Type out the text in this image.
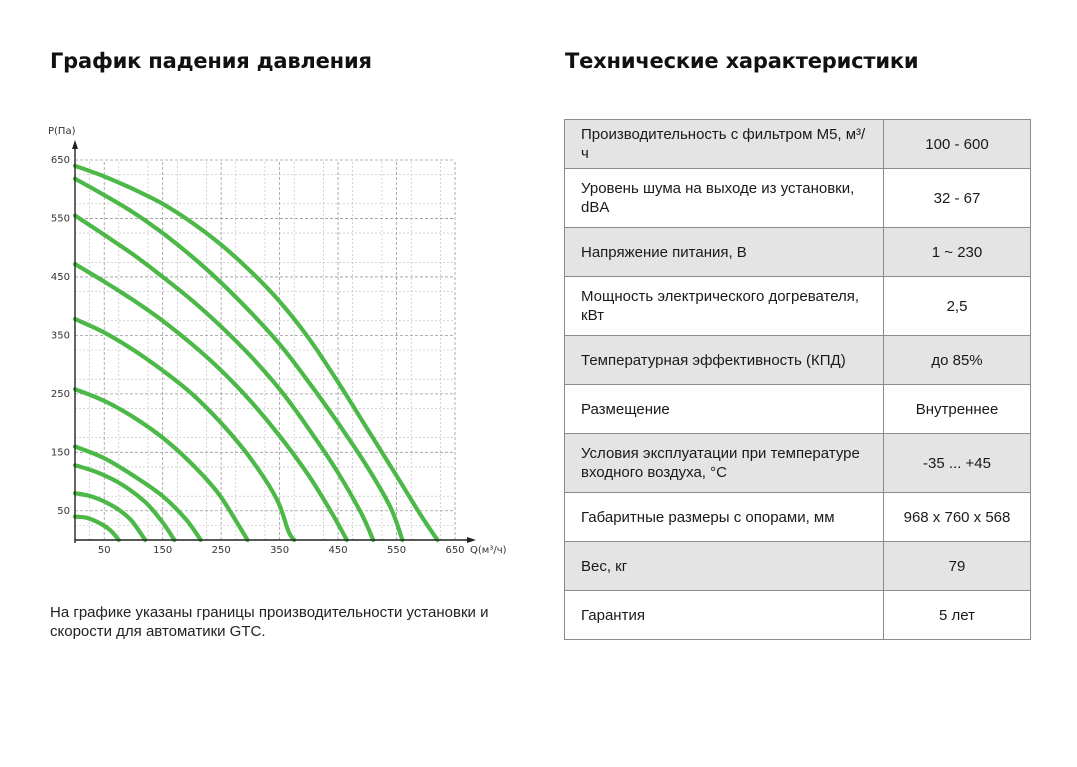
График падения давления	Технические характеристики
50	150	250	350	450	550	650
50
150
250
350
450
550
650
P(Па)
Q(м³/ч)

На графике указаны границы производительности установки и скорости для автоматики GTC.

Производительность с фильтром М5, м³/ч	100 - 600
Уровень шума на выходе из установки, dBA	32 - 67
Напряжение питания, В	1 ~ 230
Мощность электрического догревателя, кВт	2,5
Температурная эффективность (КПД)	до 85%
Размещение	Внутреннее
Условия эксплуатации при температуре входного воздуха, °С	-35 ... +45
Габаритные размеры с опорами, мм	968 х 760 х 568
Вес, кг	79
Гарантия	5 лет
